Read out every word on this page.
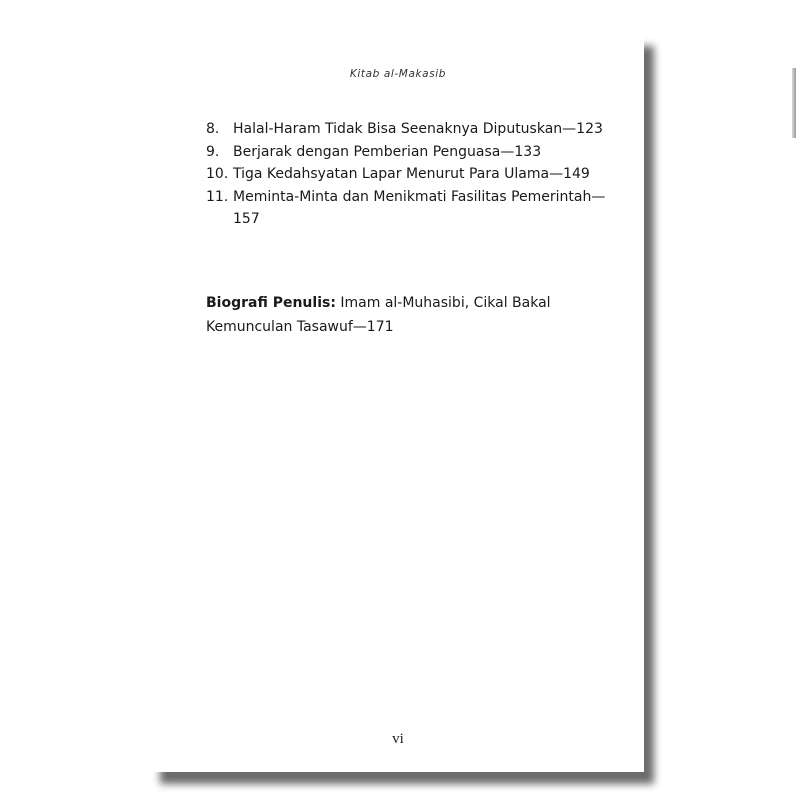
Kitab al-Makasib
8. Halal-Haram Tidak Bisa Seenaknya Diputuskan—123
9. Berjarak dengan Pemberian Penguasa—133
10. Tiga Kedahsyatan Lapar Menurut Para Ulama—149
11. Meminta-Minta dan Menikmati Fasilitas Pemerintah—157
Biografi Penulis: Imam al-Muhasibi, Cikal Bakal Kemunculan Tasawuf—171
vi
